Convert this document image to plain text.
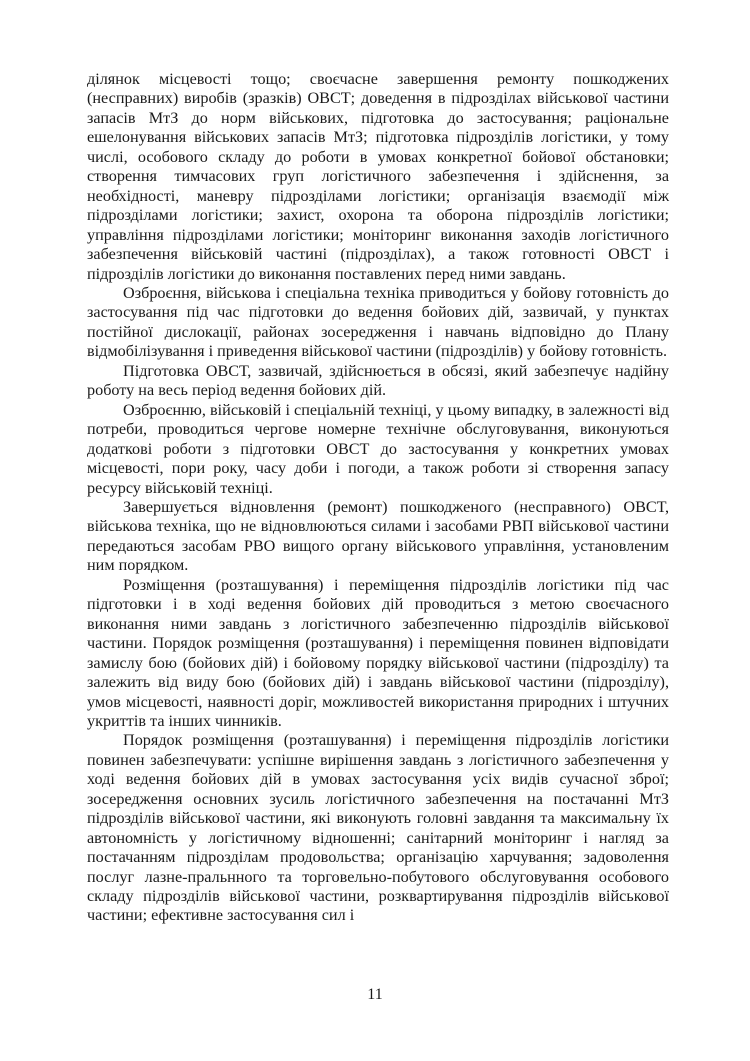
ділянок місцевості тощо; своєчасне завершення ремонту пошкоджених (несправних) виробів (зразків) ОВСТ; доведення в підрозділах військової частини запасів МтЗ до норм військових, підготовка до застосування; раціональне ешелонування військових запасів МтЗ; підготовка підрозділів логістики, у тому числі, особового складу до роботи в умовах конкретної бойової обстановки; створення тимчасових груп логістичного забезпечення і здійснення, за необхідності, маневру підрозділами логістики; організація взаємодії між підрозділами логістики; захист, охорона та оборона підрозділів логістики; управління підрозділами логістики; моніторинг виконання заходів логістичного забезпечення військовій частині (підрозділах), а також готовності ОВСТ і підрозділів логістики до виконання поставлених перед ними завдань.

Озброєння, військова і спеціальна техніка приводиться у бойову готовність до застосування під час підготовки до ведення бойових дій, зазвичай, у пунктах постійної дислокації, районах зосередження і навчань відповідно до Плану відмобілізування і приведення військової частини (підрозділів) у бойову готовність.

Підготовка ОВСТ, зазвичай, здійснюється в обсязі, який забезпечує надійну роботу на весь період ведення бойових дій.

Озброєнню, військовій і спеціальній техніці, у цьому випадку, в залежності від потреби, проводиться чергове номерне технічне обслуговування, виконуються додаткові роботи з підготовки ОВСТ до застосування у конкретних умовах місцевості, пори року, часу доби і погоди, а також роботи зі створення запасу ресурсу військовій техніці.

Завершується відновлення (ремонт) пошкодженого (несправного) ОВСТ, військова техніка, що не відновлюються силами і засобами РВП військової частини передаються засобам РВО вищого органу військового управління, установленим ним порядком.

Розміщення (розташування) і переміщення підрозділів логістики під час підготовки і в ході ведення бойових дій проводиться з метою своєчасного виконання ними завдань з логістичного забезпеченню підрозділів військової частини. Порядок розміщення (розташування) і переміщення повинен відповідати замислу бою (бойових дій) і бойовому порядку військової частини (підрозділу) та залежить від виду бою (бойових дій) і завдань військової частини (підрозділу), умов місцевості, наявності доріг, можливостей використання природних і штучних укриттів та інших чинників.

Порядок розміщення (розташування) і переміщення підрозділів логістики повинен забезпечувати: успішне вирішення завдань з логістичного забезпечення у ході ведення бойових дій в умовах застосування усіх видів сучасної зброї; зосередження основних зусиль логістичного забезпечення на постачанні МтЗ підрозділів військової частини, які виконують головні завдання та максимальну їх автономність у логістичному відношенні; санітарний моніторинг і нагляд за постачанням підрозділам продовольства; організацію харчування; задоволення послуг лазне-пральнного та торговельно-побутового обслуговування особового складу підрозділів військової частини, розквартирування підрозділів військової частини; ефективне застосування сил і

11
